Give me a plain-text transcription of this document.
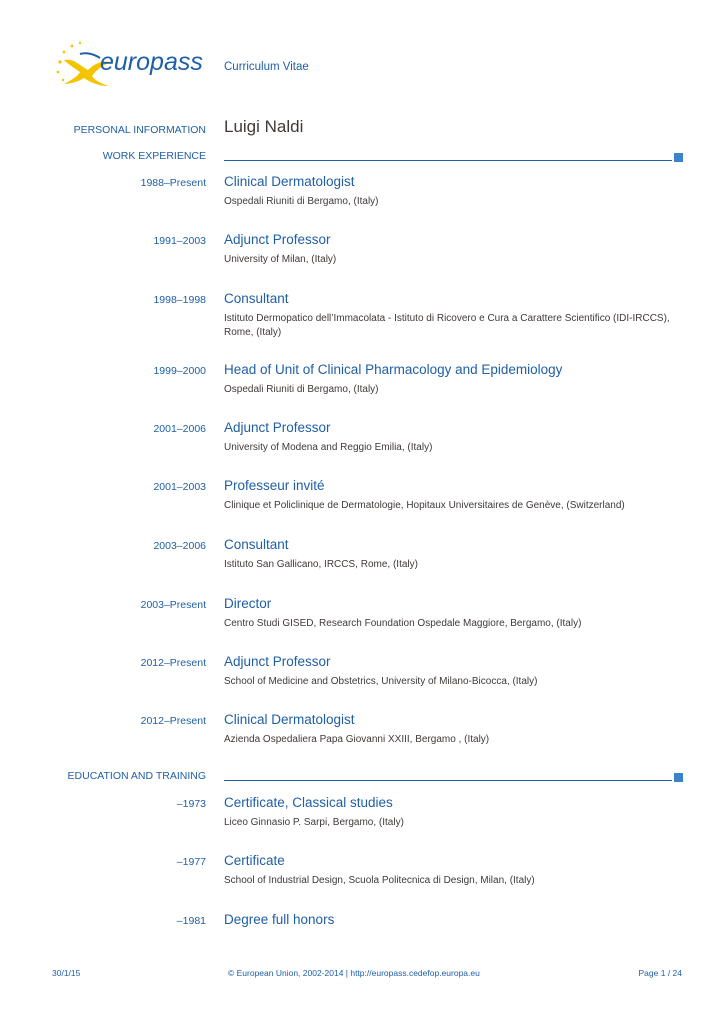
europass Curriculum Vitae
PERSONAL INFORMATION Luigi Naldi
WORK EXPERIENCE
1988–Present Clinical Dermatologist
Ospedali Riuniti di Bergamo, (Italy)
1991–2003 Adjunct Professor
University of Milan, (Italy)
1998–1998 Consultant
Istituto Dermopatico dell’Immacolata - Istituto di Ricovero e Cura a Carattere Scientifico (IDI-IRCCS), Rome, (Italy)
1999–2000 Head of Unit of Clinical Pharmacology and Epidemiology
Ospedali Riuniti di Bergamo, (Italy)
2001–2006 Adjunct Professor
University of Modena and Reggio Emilia, (Italy)
2001–2003 Professeur invité
Clinique et Policlinique de Dermatologie, Hopitaux Universitaires de Genève, (Switzerland)
2003–2006 Consultant
Istituto San Gallicano, IRCCS, Rome, (Italy)
2003–Present Director
Centro Studi GISED, Research Foundation Ospedale Maggiore, Bergamo, (Italy)
2012–Present Adjunct Professor
School of Medicine and Obstetrics, University of Milano-Bicocca, (Italy)
2012–Present Clinical Dermatologist
Azienda Ospedaliera Papa Giovanni XXIII, Bergamo , (Italy)
EDUCATION AND TRAINING
–1973 Certificate, Classical studies
Liceo Ginnasio P. Sarpi, Bergamo, (Italy)
–1977 Certificate
School of Industrial Design, Scuola Politecnica di Design, Milan, (Italy)
–1981 Degree full honors
30/1/15	© European Union, 2002-2014 | http://europass.cedefop.europa.eu	Page 1 / 24
